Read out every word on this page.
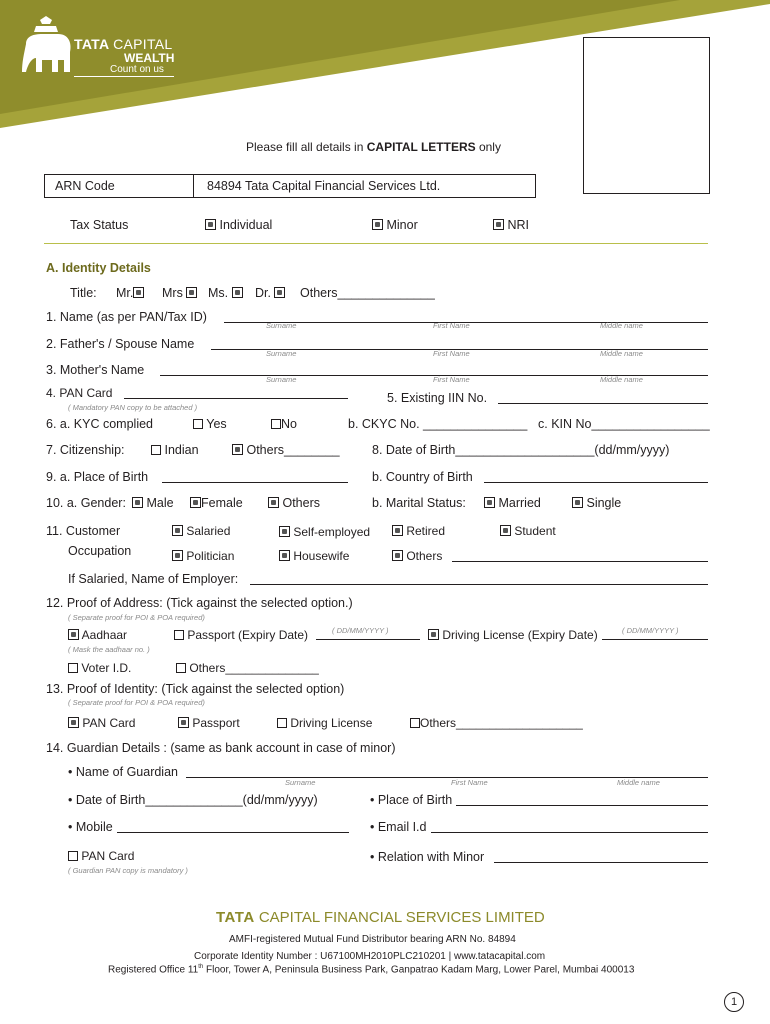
TATA CAPITAL
WEALTH
Count on us
Please fill all details in CAPITAL LETTERS only
ARN Code	84894 Tata Capital Financial Services Ltd.
Tax Status	Individual	Minor	NRI
A. Identity Details
Title: Mr.	Mrs	Ms.	Dr.	Others______________
1. Name (as per PAN/Tax ID)
Surname	First Name	Middle name
2. Father's / Spouse Name
Surname	First Name	Middle name
3. Mother's Name
Surname	First Name	Middle name
4. PAN Card
( Mandatory PAN copy to be attached )
5. Existing IIN No.
6. a. KYC complied	Yes	No	b. CKYC No. _______________ c. KIN No_________________
7. Citizenship:	Indian	Others________	8. Date of Birth____________________(dd/mm/yyyy)
9. a. Place of Birth	b. Country of Birth
10. a. Gender:	Male	Female	Others	b. Marital Status:	Married	Single
11. Customer
Occupation
Salaried	Self-employed	Retired	Student
Politician	Housewife	Others
If Salaried, Name of Employer:
12. Proof of Address: (Tick against the selected option.)
( Separate proof for POI & POA required)
Aadhaar
( Mask the aadhaar no. )
Passport (Expiry Date)	( DD/MM/YYYY )	Driving License (Expiry Date)	( DD/MM/YYYY )
Voter I.D.	Others______________
13. Proof of Identity: (Tick against the selected option)
( Separate proof for POI & POA required)
PAN Card	Passport	Driving License	Others___________________
14. Guardian Details : (same as bank account in case of minor)
• Name of Guardian
Surname	First Name	Middle name
• Date of Birth______________(dd/mm/yyyy)	• Place of Birth
• Mobile	• Email I.d
PAN Card
( Guardian PAN copy is mandatory )
• Relation with Minor
TATA CAPITAL FINANCIAL SERVICES LIMITED
AMFI-registered Mutual Fund Distributor bearing ARN No. 84894
Corporate Identity Number : U67100MH2010PLC210201 | www.tatacapital.com
Registered Office 11th Floor, Tower A, Peninsula Business Park, Ganpatrao Kadam Marg, Lower Parel, Mumbai 400013
1
